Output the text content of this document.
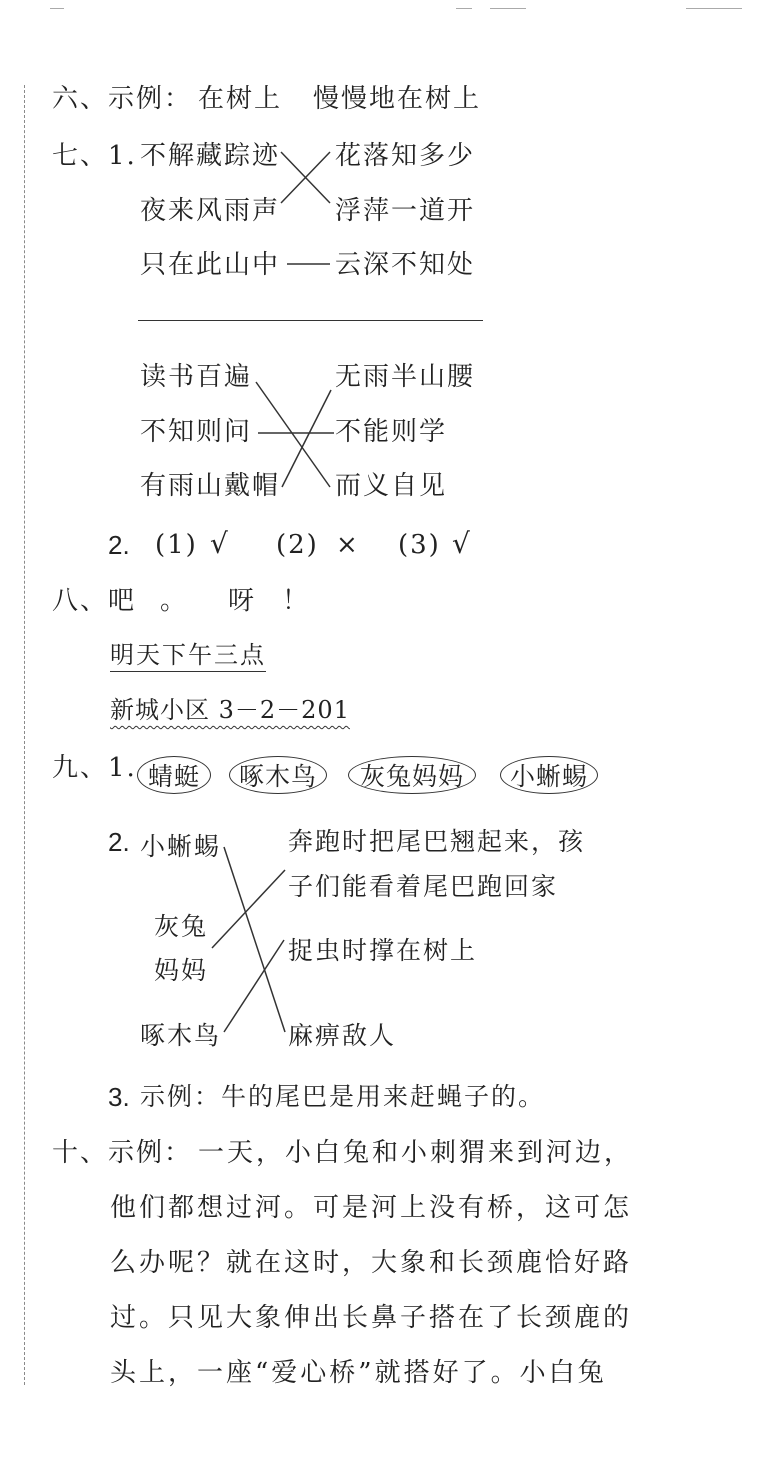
六、示例： 在树上 慢慢地在树上
七、1. 不解藏踪迹
夜来风雨声
只在此山中
花落知多少
浮萍一道开
云深不知处
读书百遍
不知则问
有雨山戴帽
无雨半山腰
不能则学
而义自见
2. (1) √ (2) × (3) √
八、吧 。 呀 ！
明天下午三点
新城小区 3－2－201
九、1. 蜻蜓	啄木鸟	灰兔妈妈	小蜥蜴
2. 小蜥蜴
灰兔
妈妈
啄木鸟
奔跑时把尾巴翘起来，孩
子们能看着尾巴跑回家
捉虫时撑在树上
麻痹敌人
3. 示例：牛的尾巴是用来赶蝇子的。
十、示例： 一天，小白兔和小刺猬来到河边，
他们都想过河。可是河上没有桥，这可怎
么办呢？就在这时，大象和长颈鹿恰好路
过。只见大象伸出长鼻子搭在了长颈鹿的
头上，一座“爱心桥”就搭好了。小白兔
